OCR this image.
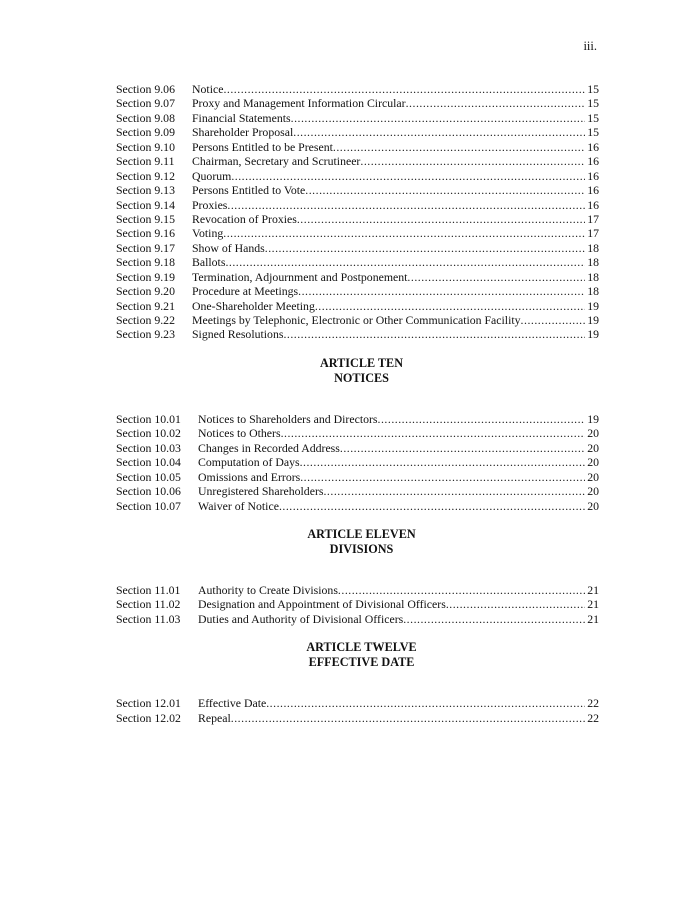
iii.
Section 9.06	Notice .....	15
Section 9.07	Proxy and Management Information Circular .....	15
Section 9.08	Financial Statements .....	15
Section 9.09	Shareholder Proposal .....	15
Section 9.10	Persons Entitled to be Present .....	16
Section 9.11	Chairman, Secretary and Scrutineer .....	16
Section 9.12	Quorum .....	16
Section 9.13	Persons Entitled to Vote .....	16
Section 9.14	Proxies .....	16
Section 9.15	Revocation of Proxies .....	17
Section 9.16	Voting .....	17
Section 9.17	Show of Hands .....	18
Section 9.18	Ballots .....	18
Section 9.19	Termination, Adjournment and Postponement .....	18
Section 9.20	Procedure at Meetings .....	18
Section 9.21	One-Shareholder Meeting .....	19
Section 9.22	Meetings by Telephonic, Electronic or Other Communication Facility .....	19
Section 9.23	Signed Resolutions .....	19
ARTICLE TEN
NOTICES
Section 10.01	Notices to Shareholders and Directors .....	19
Section 10.02	Notices to Others .....	20
Section 10.03	Changes in Recorded Address .....	20
Section 10.04	Computation of Days .....	20
Section 10.05	Omissions and Errors .....	20
Section 10.06	Unregistered Shareholders .....	20
Section 10.07	Waiver of Notice .....	20
ARTICLE ELEVEN
DIVISIONS
Section 11.01	Authority to Create Divisions .....	21
Section 11.02	Designation and Appointment of Divisional Officers .....	21
Section 11.03	Duties and Authority of Divisional Officers .....	21
ARTICLE TWELVE
EFFECTIVE DATE
Section 12.01	Effective Date .....	22
Section 12.02	Repeal .....	22
